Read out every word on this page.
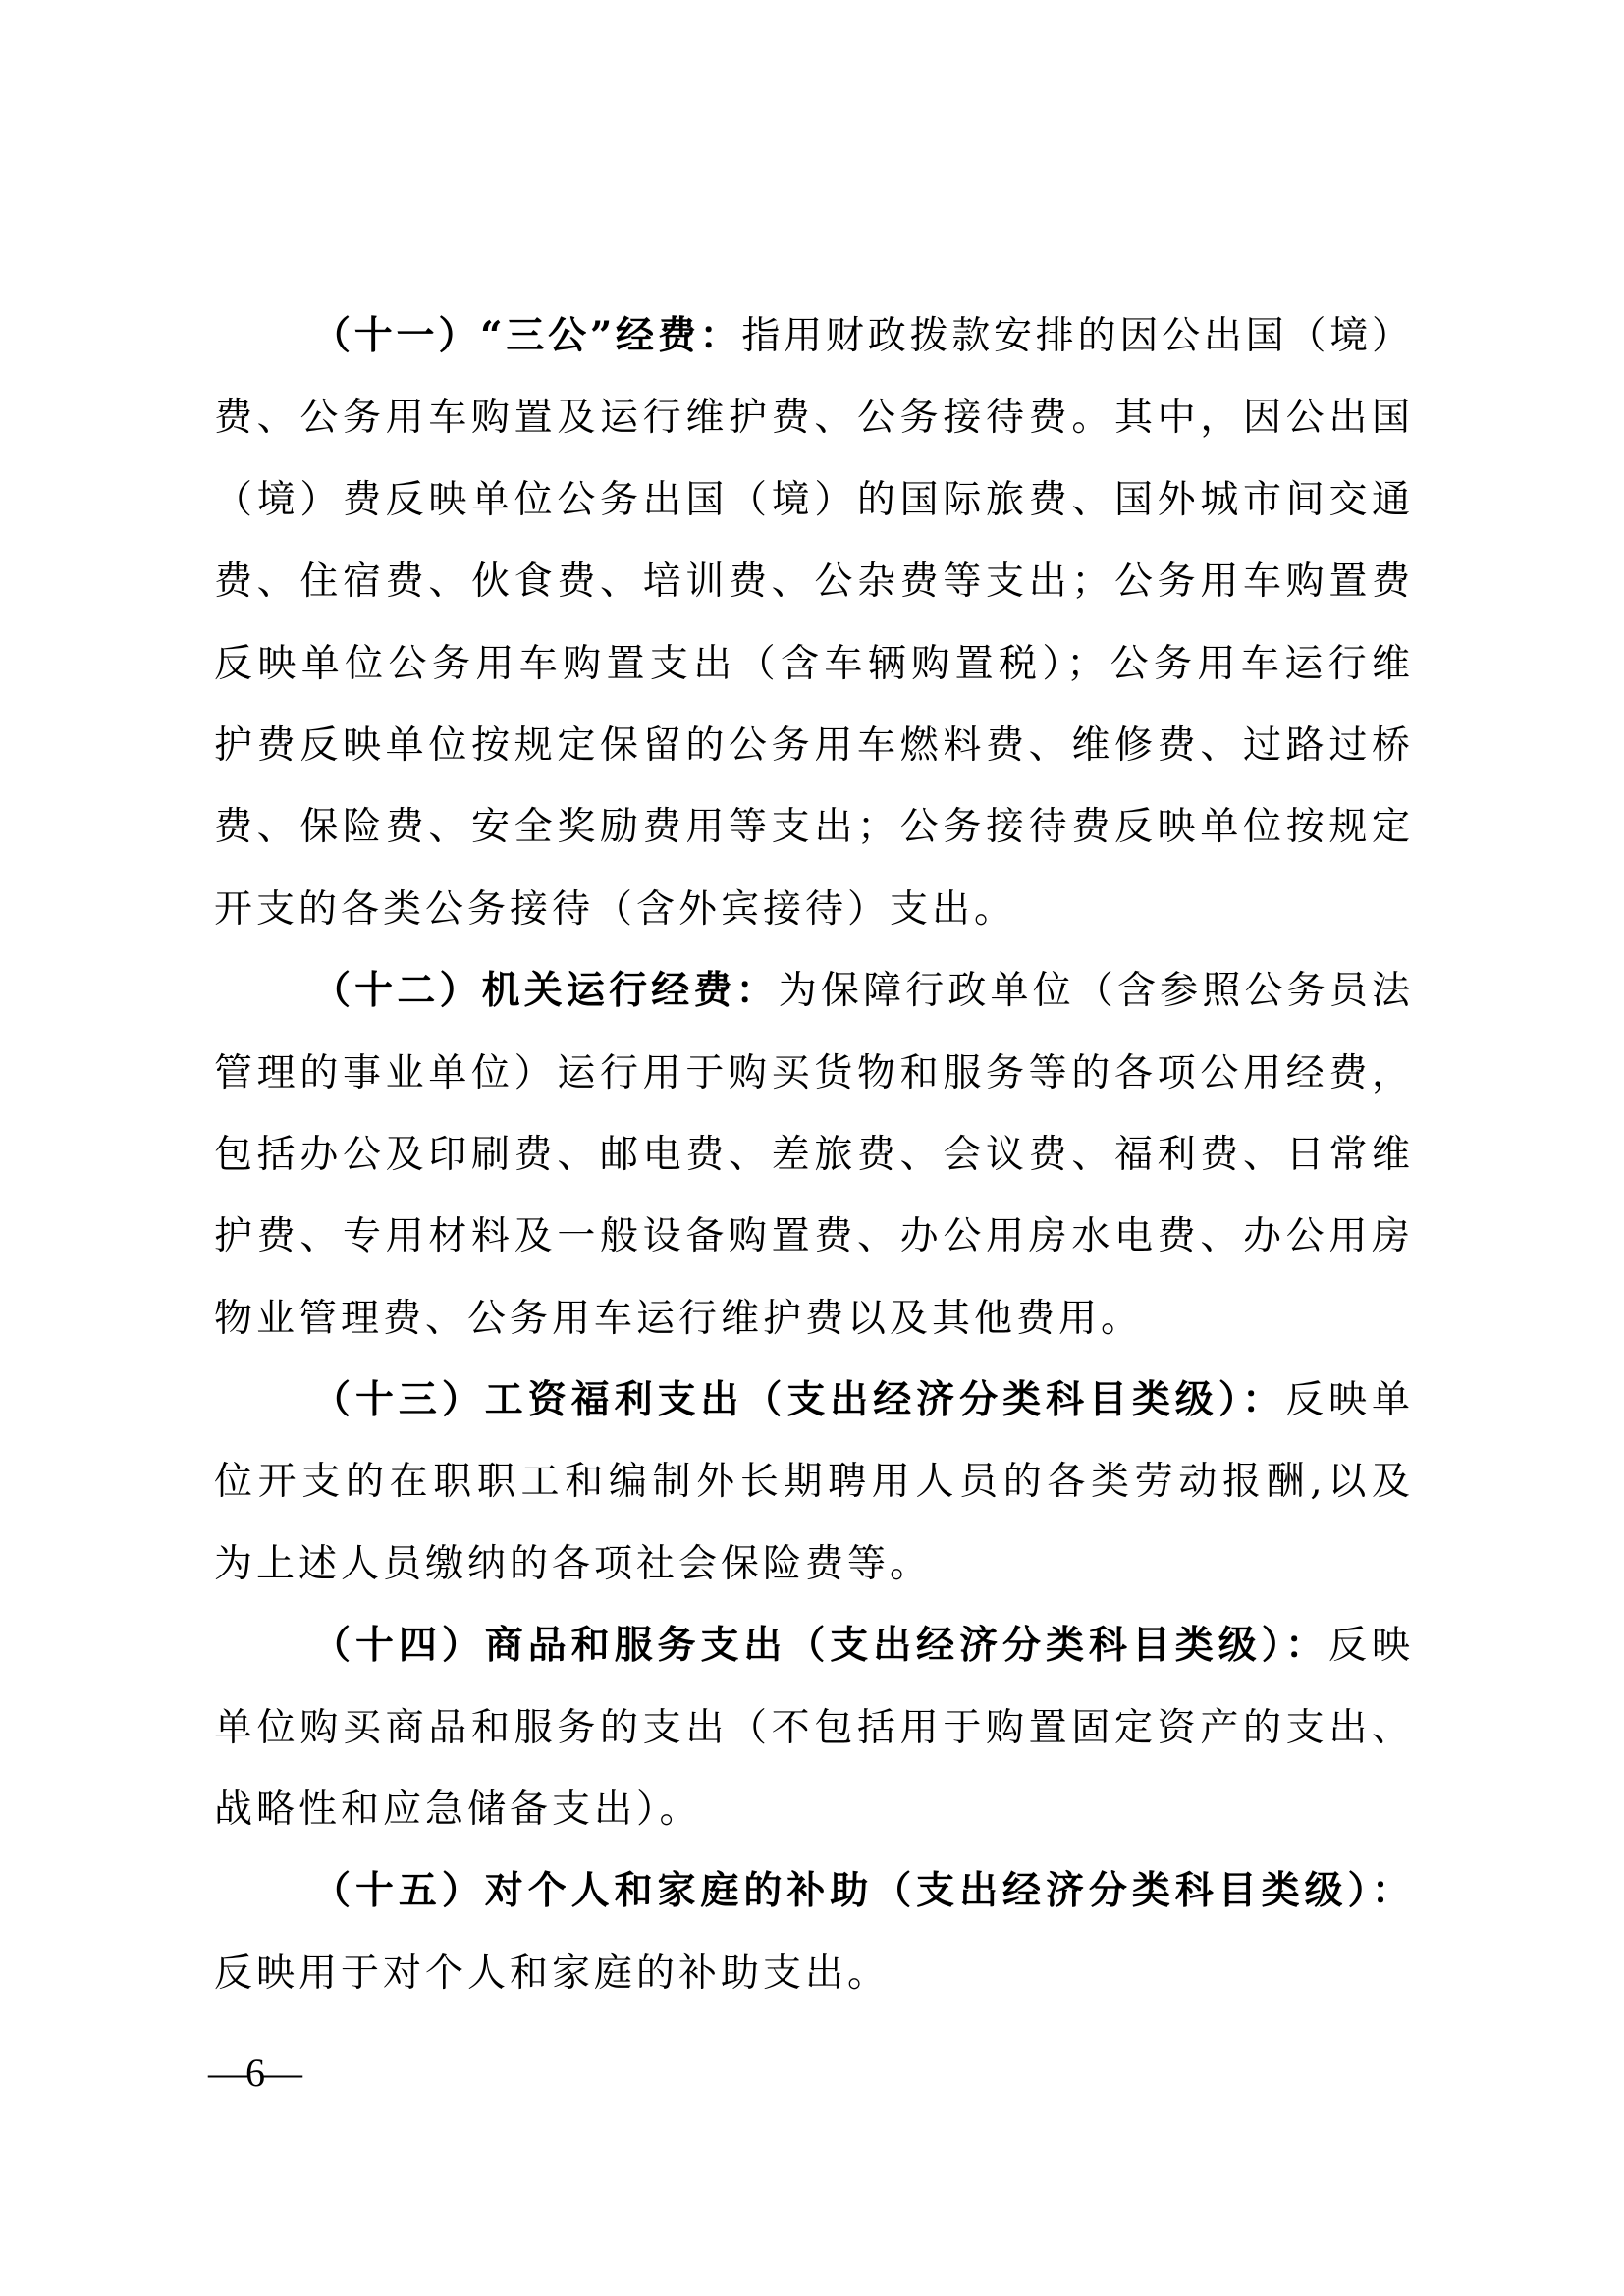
（十一）“三公”经费：指用财政拨款安排的因公出国（境）
费、公务用车购置及运行维护费、公务接待费。其中，因公出国
（境）费反映单位公务出国（境）的国际旅费、国外城市间交通
费、住宿费、伙食费、培训费、公杂费等支出；公务用车购置费
反映单位公务用车购置支出（含车辆购置税）；公务用车运行维
护费反映单位按规定保留的公务用车燃料费、维修费、过路过桥
费、保险费、安全奖励费用等支出；公务接待费反映单位按规定
开支的各类公务接待（含外宾接待）支出。
（十二）机关运行经费：为保障行政单位（含参照公务员法
管理的事业单位）运行用于购买货物和服务等的各项公用经费，
包括办公及印刷费、邮电费、差旅费、会议费、福利费、日常维
护费、专用材料及一般设备购置费、办公用房水电费、办公用房
物业管理费、公务用车运行维护费以及其他费用。
（十三）工资福利支出（支出经济分类科目类级）：反映单
位开支的在职职工和编制外长期聘用人员的各类劳动报酬,以及
为上述人员缴纳的各项社会保险费等。
（十四）商品和服务支出（支出经济分类科目类级）：反映
单位购买商品和服务的支出（不包括用于购置固定资产的支出、
战略性和应急储备支出）。
（十五）对个人和家庭的补助（支出经济分类科目类级）：
反映用于对个人和家庭的补助支出。
—6—
